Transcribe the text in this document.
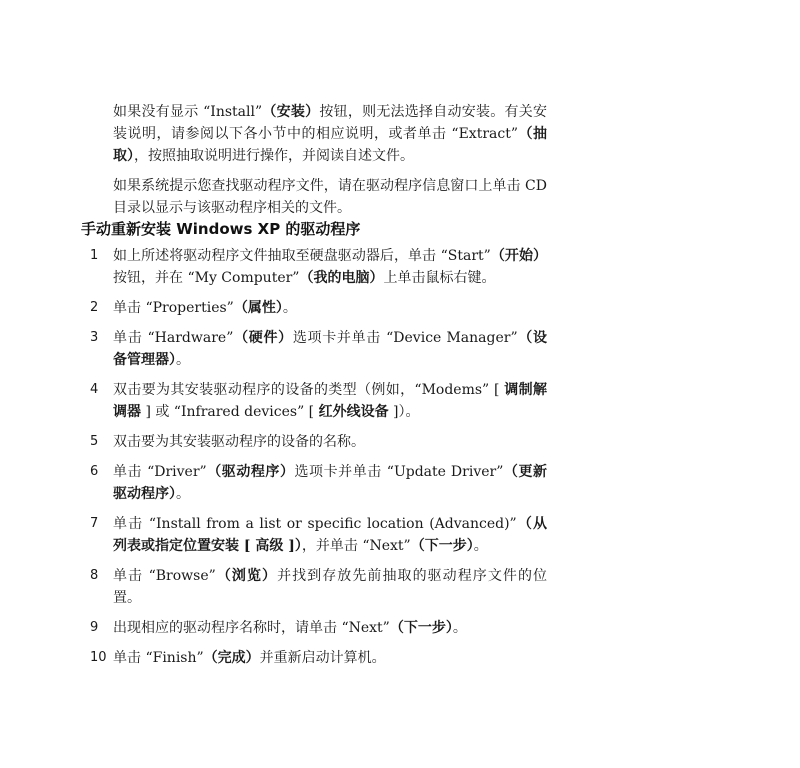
如果没有显示 “Install”（安装）按钮，则无法选择自动安装。有关安装说明，请参阅以下各小节中的相应说明，或者单击 “Extract”（抽取），按照抽取说明进行操作，并阅读自述文件。

如果系统提示您查找驱动程序文件，请在驱动程序信息窗口上单击 CD 目录以显示与该驱动程序相关的文件。

手动重新安装 Windows XP 的驱动程序
1	如上所述将驱动程序文件抽取至硬盘驱动器后，单击 “Start”（开始）按钮，并在 “My Computer”（我的电脑）上单击鼠标右键。
2	单击 “Properties”（属性）。
3	单击 “Hardware”（硬件）选项卡并单击 “Device Manager”（设备管理器）。
4	双击要为其安装驱动程序的设备的类型（例如，“Modems” [ 调制解调器 ] 或 “Infrared devices” [ 红外线设备 ]）。
5	双击要为其安装驱动程序的设备的名称。
6	单击 “Driver”（驱动程序）选项卡并单击 “Update Driver”（更新驱动程序）。
7	单击 “Install from a list or specific location (Advanced)”（从列表或指定位置安装 [ 高级 ]），并单击 “Next”（下一步）。
8	单击 “Browse”（浏览）并找到存放先前抽取的驱动程序文件的位置。
9	出现相应的驱动程序名称时，请单击 “Next”（下一步）。
10 单击 “Finish”（完成）并重新启动计算机。
